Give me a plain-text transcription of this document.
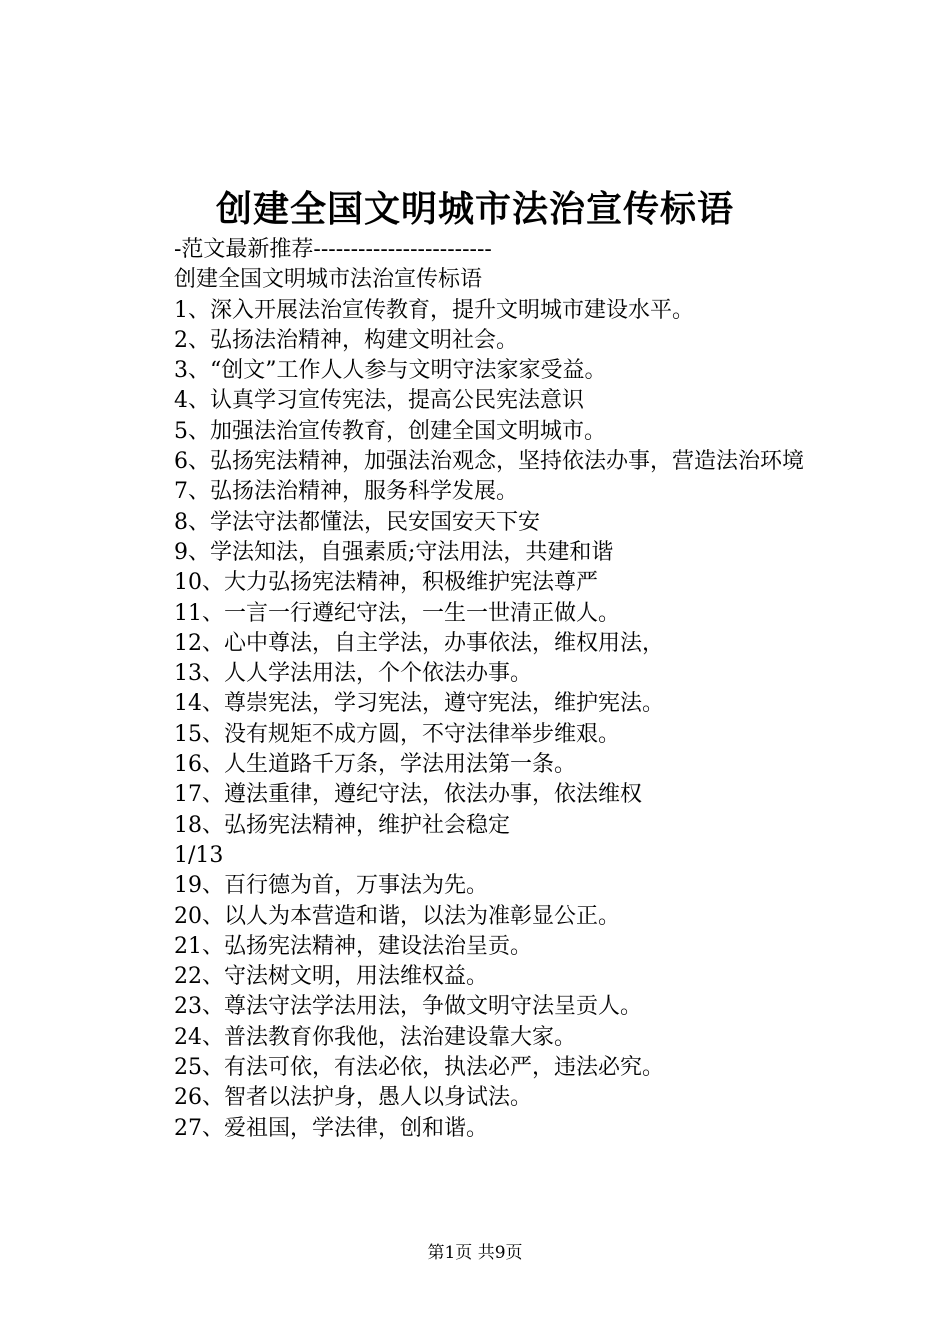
创建全国文明城市法治宣传标语

-范文最新推荐------------------------

创建全国文明城市法治宣传标语

1、深入开展法治宣传教育，提升文明城市建设水平。

2、弘扬法治精神，构建文明社会。

3、“创文”工作人人参与文明守法家家受益。

4、认真学习宣传宪法，提高公民宪法意识

5、加强法治宣传教育，创建全国文明城市。

6、弘扬宪法精神，加强法治观念，坚持依法办事，营造法治环境

7、弘扬法治精神，服务科学发展。

8、学法守法都懂法，民安国安天下安

9、学法知法，自强素质;守法用法，共建和谐

10、大力弘扬宪法精神，积极维护宪法尊严

11、一言一行遵纪守法，一生一世清正做人。

12、心中尊法，自主学法，办事依法，维权用法，

13、人人学法用法，个个依法办事。

14、尊崇宪法，学习宪法，遵守宪法，维护宪法。

15、没有规矩不成方圆，不守法律举步维艰。

16、人生道路千万条，学法用法第一条。

17、遵法重律，遵纪守法，依法办事，依法维权

18、弘扬宪法精神，维护社会稳定

1/13

19、百行德为首，万事法为先。

20、以人为本营造和谐，以法为准彰显公正。

21、弘扬宪法精神，建设法治呈贡。

22、守法树文明，用法维权益。

23、尊法守法学法用法，争做文明守法呈贡人。

24、普法教育你我他，法治建设靠大家。

25、有法可依，有法必依，执法必严，违法必究。

26、智者以法护身，愚人以身试法。

27、爱祖国，学法律，创和谐。

第1页 共9页
